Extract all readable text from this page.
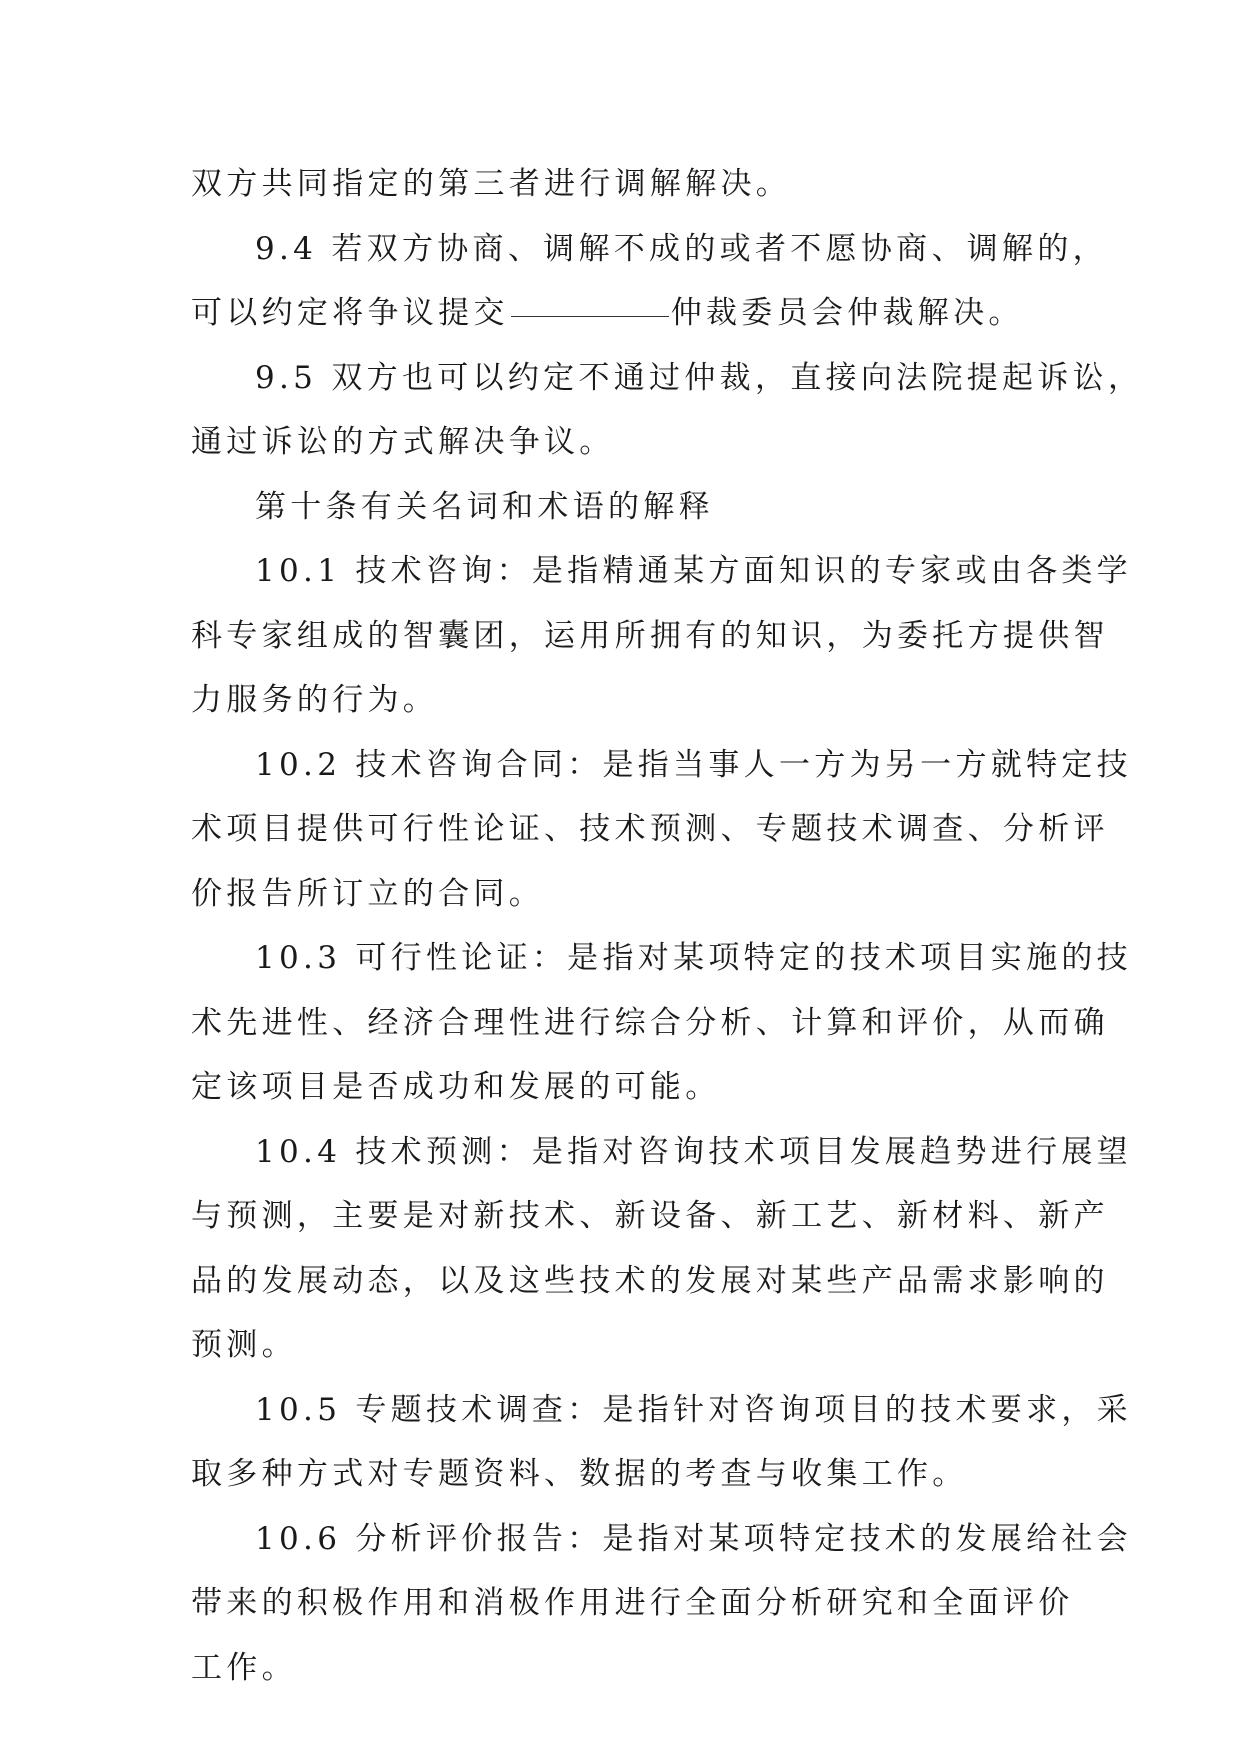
双方共同指定的第三者进行调解解决。

9.4 若双方协商、调解不成的或者不愿协商、调解的，
可以约定将争议提交	仲裁委员会仲裁解决。

9.5 双方也可以约定不通过仲裁，直接向法院提起诉讼，
通过诉讼的方式解决争议。

第十条有关名词和术语的解释

10.1 技术咨询：是指精通某方面知识的专家或由各类学
科专家组成的智囊团，运用所拥有的知识，为委托方提供智
力服务的行为。

10.2 技术咨询合同：是指当事人一方为另一方就特定技
术项目提供可行性论证、技术预测、专题技术调查、分析评
价报告所订立的合同。

10.3 可行性论证：是指对某项特定的技术项目实施的技
术先进性、经济合理性进行综合分析、计算和评价，从而确
定该项目是否成功和发展的可能。

10.4 技术预测：是指对咨询技术项目发展趋势进行展望
与预测，主要是对新技术、新设备、新工艺、新材料、新产
品的发展动态，以及这些技术的发展对某些产品需求影响的
预测。

10.5 专题技术调查：是指针对咨询项目的技术要求，采
取多种方式对专题资料、数据的考查与收集工作。

10.6 分析评价报告：是指对某项特定技术的发展给社会
带来的积极作用和消极作用进行全面分析研究和全面评价
工作。
